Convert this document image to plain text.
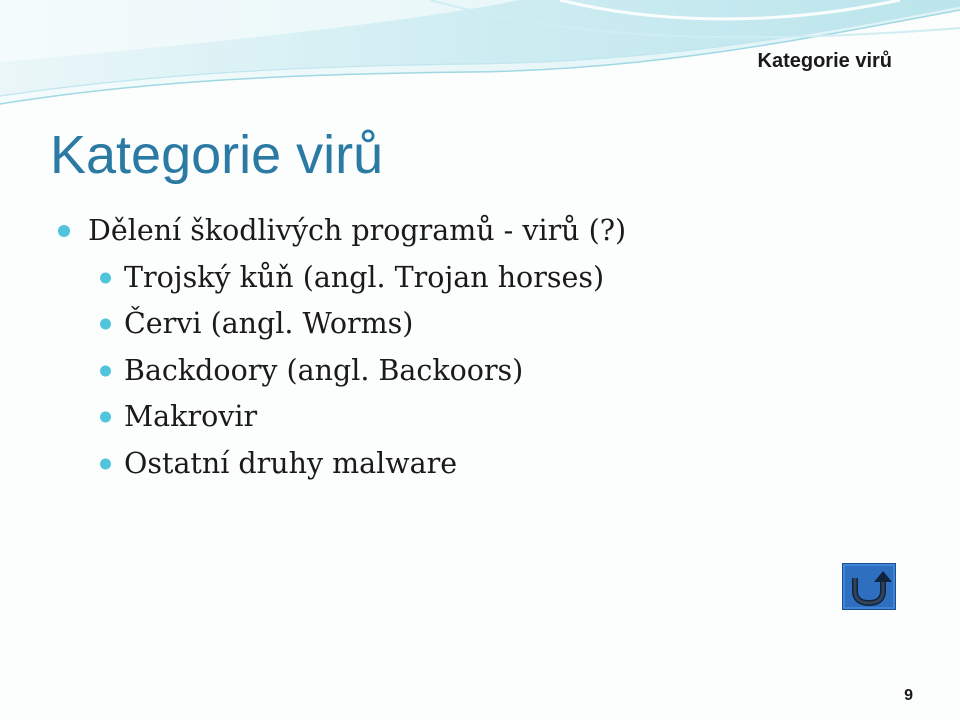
Kategorie virů
Kategorie virů
Dělení škodlivých programů - virů (?)
Trojský kůň (angl. Trojan horses)
Červi (angl. Worms)
Backdoory (angl. Backoors)
Makrovir
Ostatní druhy malware
9
